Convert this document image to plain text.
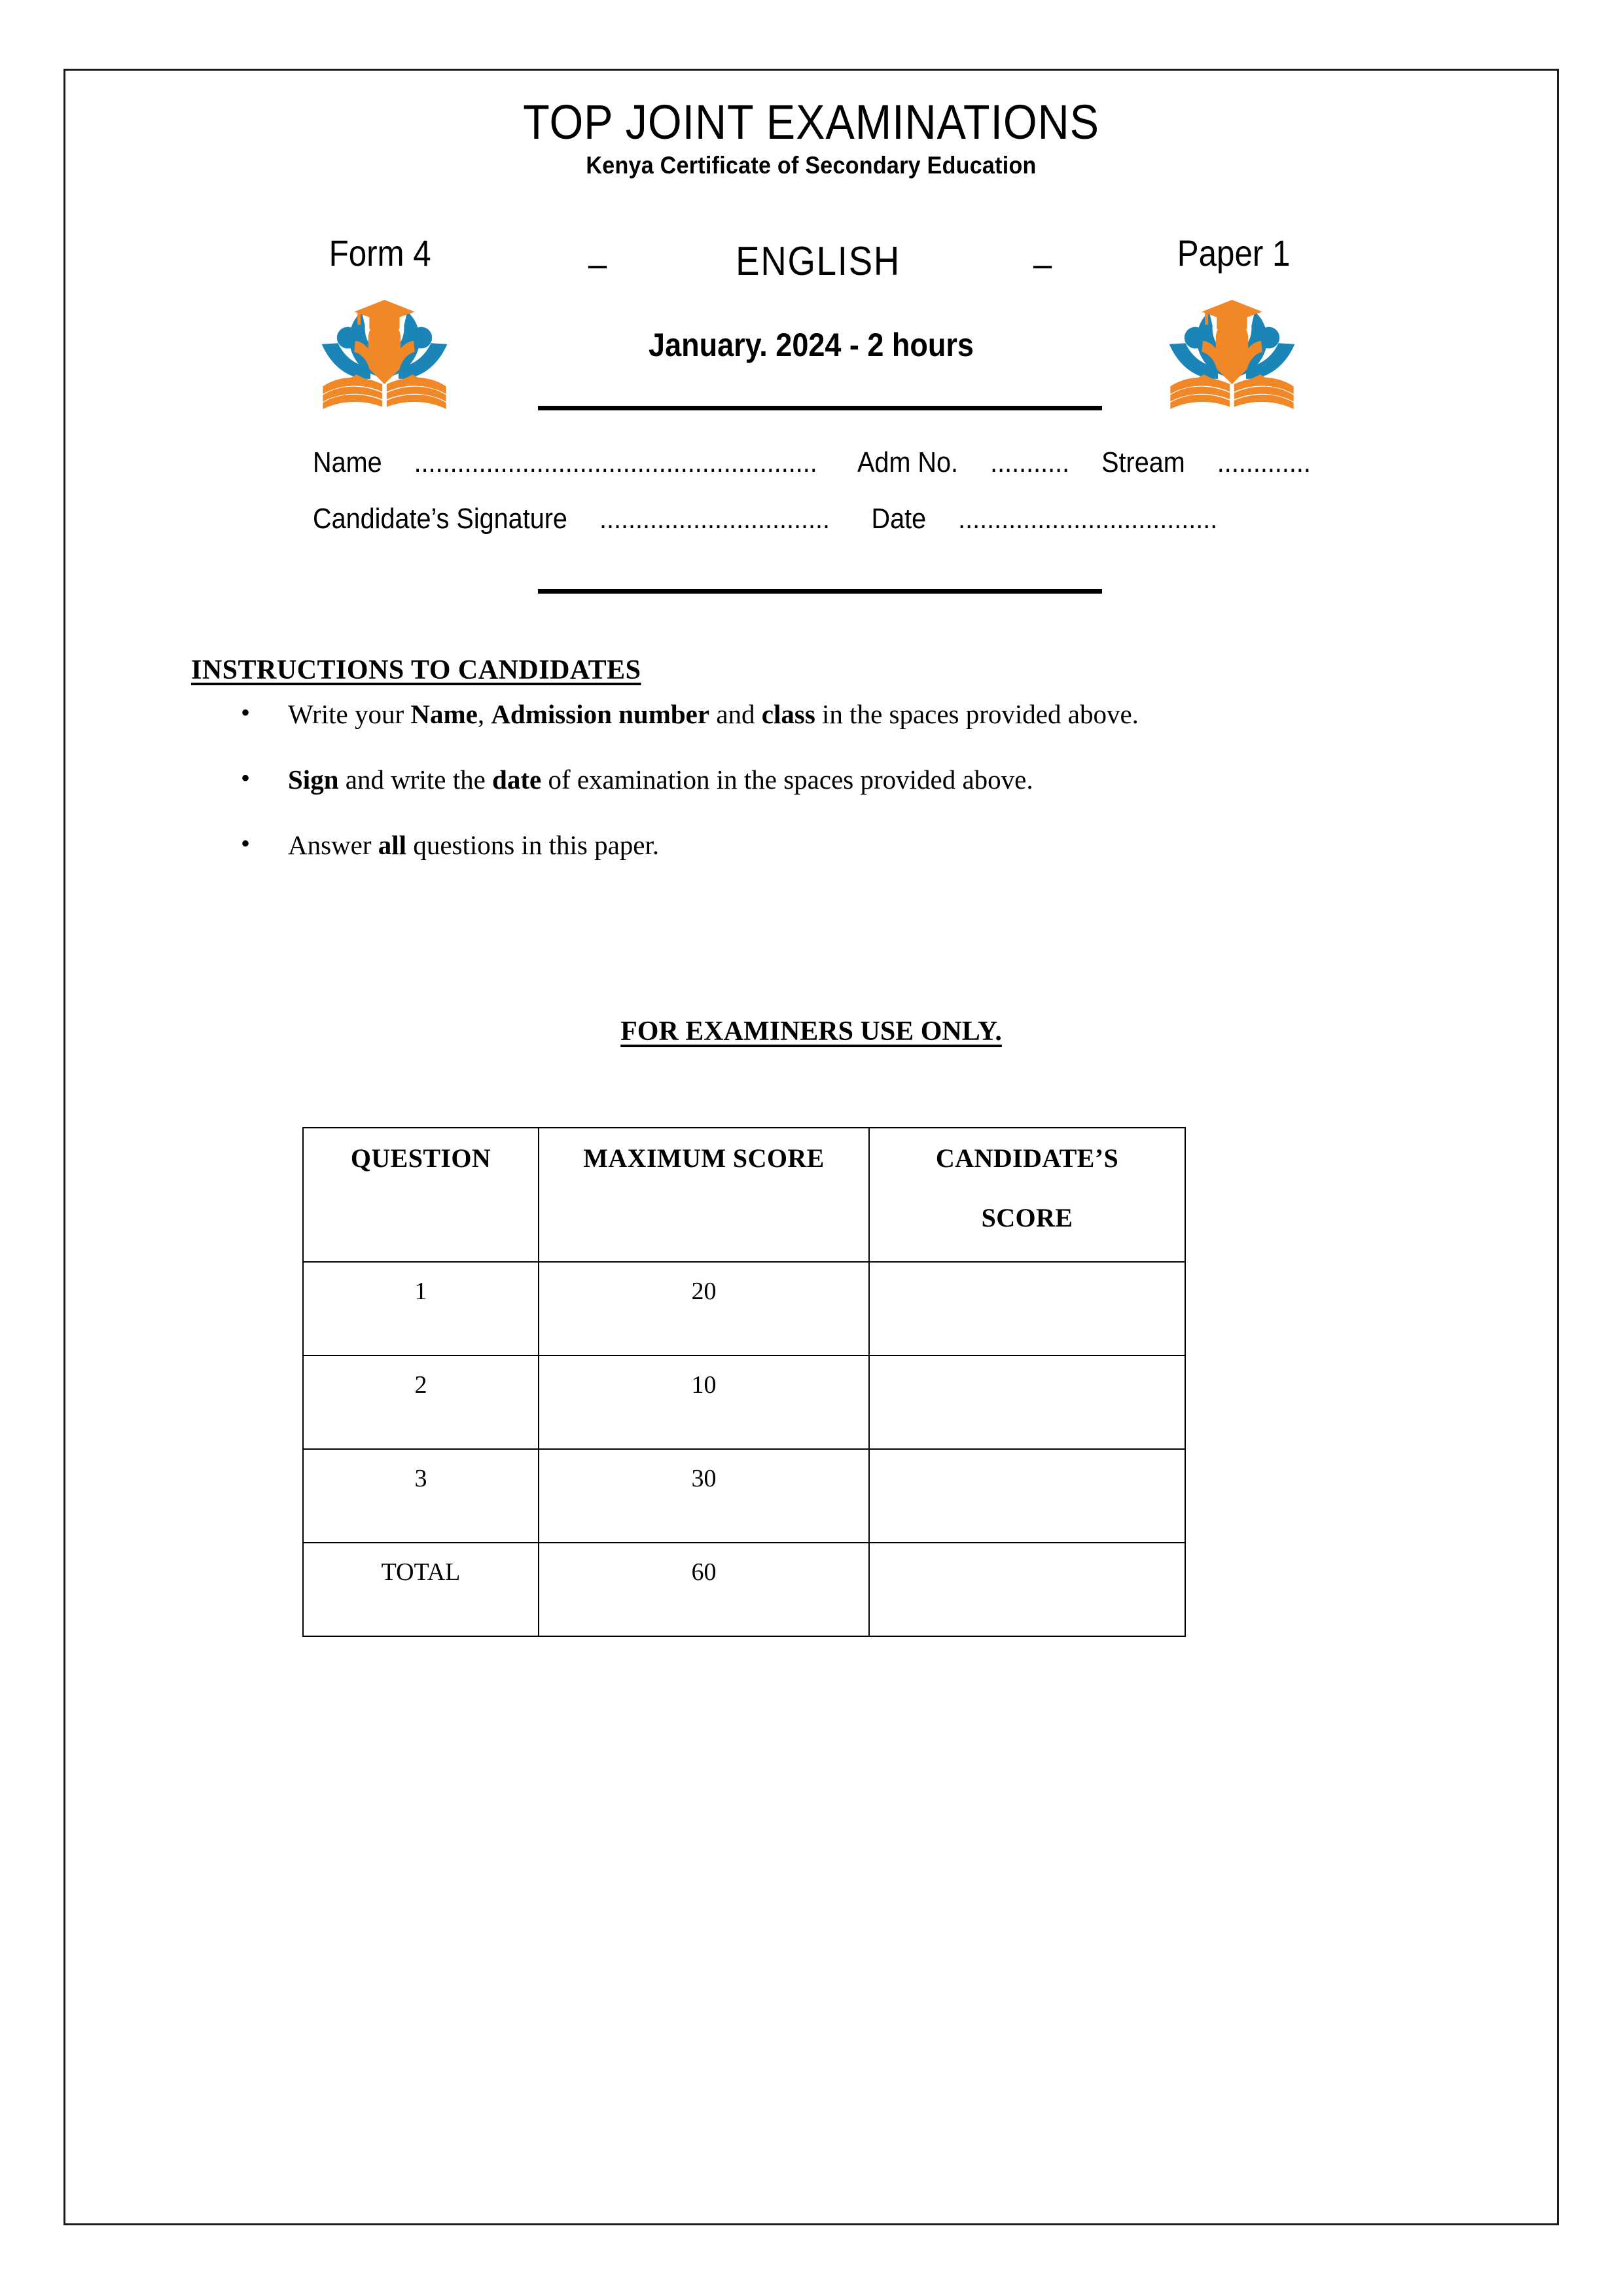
TOP JOINT EXAMINATIONS
Kenya Certificate of Secondary Education
Form 4	–	ENGLISH	–	Paper 1
January. 2024 - 2 hours
Name ........................................................ Adm No. ........... Stream .............
Candidate’s Signature ................................ Date ....................................
INSTRUCTIONS TO CANDIDATES
• Write your Name, Admission number and class in the spaces provided above.
• Sign and write the date of examination in the spaces provided above.
• Answer all questions in this paper.
FOR EXAMINERS USE ONLY.
QUESTION	MAXIMUM SCORE	CANDIDATE’S
SCORE

1	20	
2	10	
3	30	
TOTAL	60	
